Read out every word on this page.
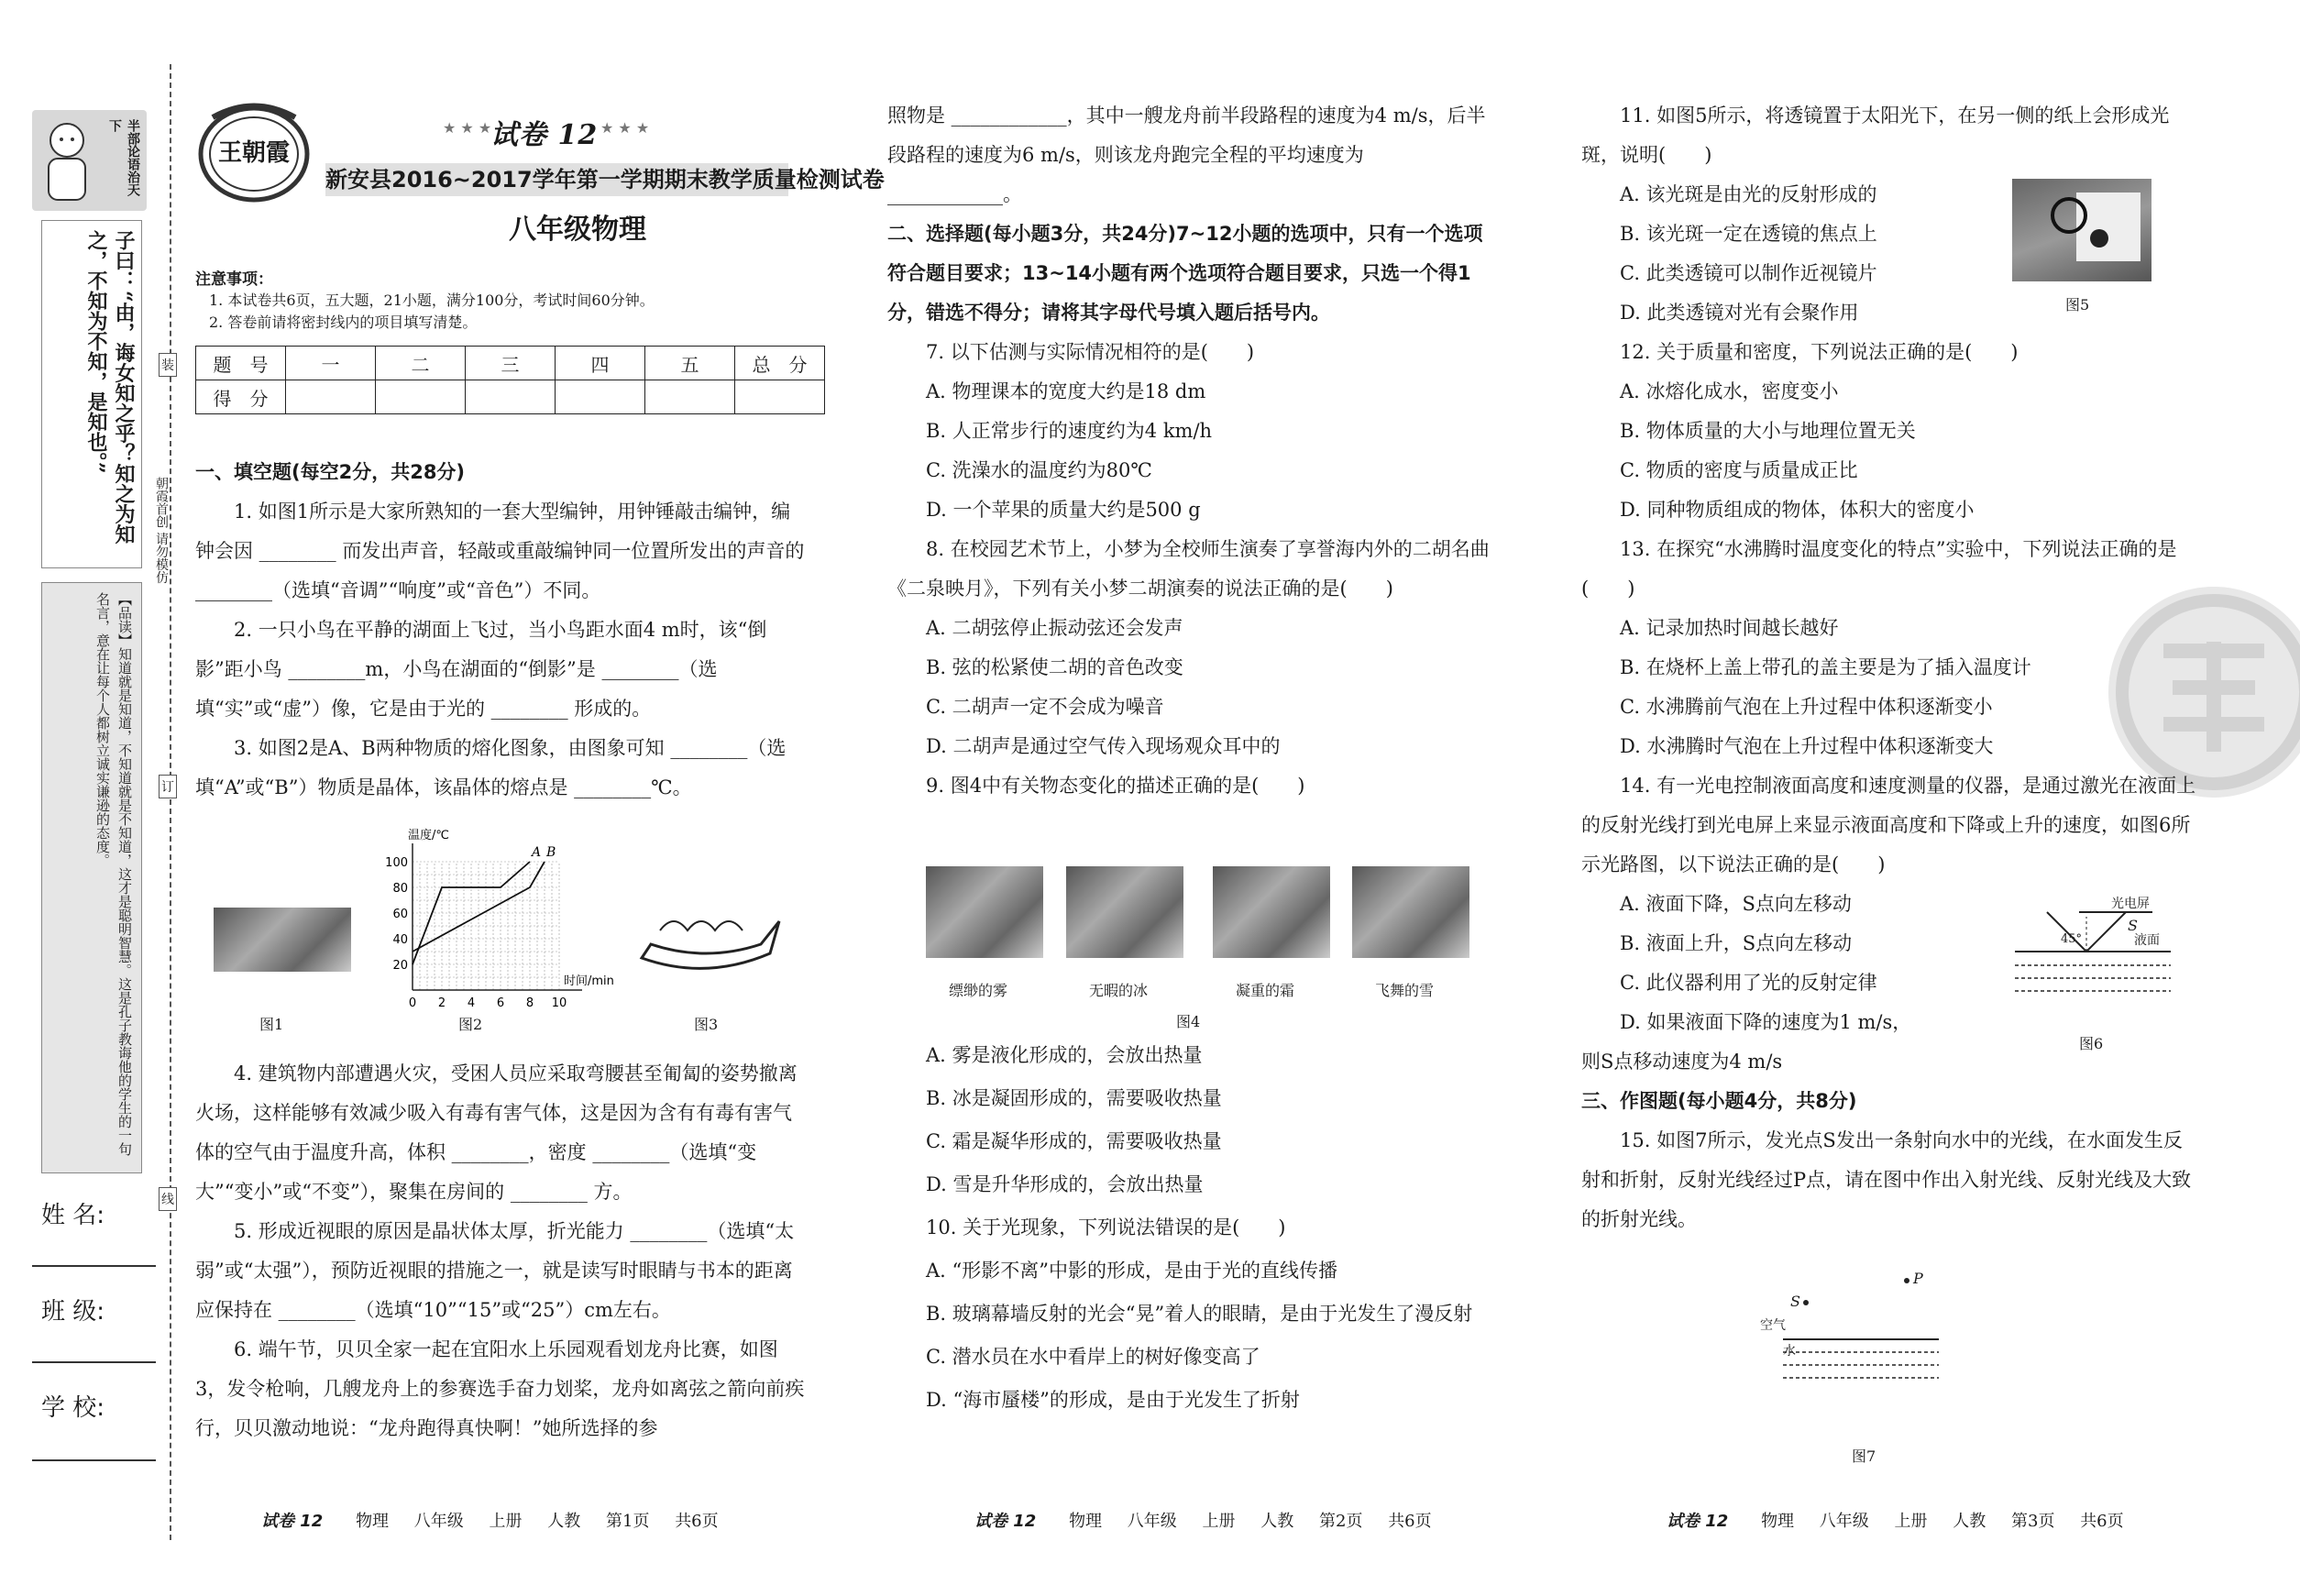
半部论语治天下
子曰：“由，诲女知之乎？知之为知之，不知为不知，是知也。”
【品读】知道就是知道，不知道就是不知道，这才是聪明智慧。这是孔子教诲他的学生的一句名言，意在让每个人都树立诚实谦逊的态度。
朝霞首创 请勿模仿
装
订
线
姓 名:
班 级:
学 校:
王朝霞
试卷 12
★ ★ ★	★ ★ ★
新安县2016~2017学年第一学期期末教学质量检测试卷
八年级物理
注意事项：
1. 本试卷共6页，五大题，21小题，满分100分，考试时间60分钟。
2. 答卷前请将密封线内的项目填写清楚。
题　号	一	二	三	四	五	总　分
得　分						
一、填空题(每空2分，共28分)
1. 如图1所示是大家所熟知的一套大型编钟，用钟锤敲击编钟，编钟会因 ________ 而发出声音，轻敲或重敲编钟同一位置所发出的声音的 ________（选填“音调”“响度”或“音色”）不同。
2. 一只小鸟在平静的湖面上飞过，当小鸟距水面4 m时，该“倒影”距小鸟 ________m，小鸟在湖面的“倒影”是 ________（选填“实”或“虚”）像，它是由于光的 ________ 形成的。
3. 如图2是A、B两种物质的熔化图象，由图象可知 ________（选填“A”或“B”）物质是晶体，该晶体的熔点是 ________℃。
图1
0 2 4 6 8 10
20
40
60
80
100
温度/℃
时间/min
A B
图2	图3
4. 建筑物内部遭遇火灾，受困人员应采取弯腰甚至匍匐的姿势撤离火场，这样能够有效减少吸入有毒有害气体，这是因为含有有毒有害气体的空气由于温度升高，体积 ________，密度 ________（选填“变大”“变小”或“不变”），聚集在房间的 ________ 方。
5. 形成近视眼的原因是晶状体太厚，折光能力 ________（选填“太弱”或“太强”），预防近视眼的措施之一，就是读写时眼睛与书本的距离应保持在 ________（选填“10”“15”或“25”）cm左右。
6. 端午节，贝贝全家一起在宜阳水上乐园观看划龙舟比赛，如图3，发令枪响，几艘龙舟上的参赛选手奋力划桨，龙舟如离弦之箭向前疾行，贝贝激动地说：“龙舟跑得真快啊！”她所选择的参
试卷 12 物理 八年级 上册 人教 第1页 共6页
照物是 ____________，其中一艘龙舟前半段路程的速度为4 m/s，后半段路程的速度为6 m/s，则该龙舟跑完全程的平均速度为 ____________。
二、选择题(每小题3分，共24分)7~12小题的选项中，只有一个选项符合题目要求；13~14小题有两个选项符合题目要求，只选一个得1分，错选不得分；请将其字母代号填入题后括号内。
7. 以下估测与实际情况相符的是(　　)
A. 物理课本的宽度大约是18 dm
B. 人正常步行的速度约为4 km/h
C. 洗澡水的温度约为80℃
D. 一个苹果的质量大约是500 g
8. 在校园艺术节上，小梦为全校师生演奏了享誉海内外的二胡名曲《二泉映月》，下列有关小梦二胡演奏的说法正确的是(　　)
A. 二胡弦停止振动弦还会发声
B. 弦的松紧使二胡的音色改变
C. 二胡声一定不会成为噪音
D. 二胡声是通过空气传入现场观众耳中的
9. 图4中有关物态变化的描述正确的是(　　)
缥缈的雾	无暇的冰	凝重的霜	飞舞的雪
图4
A. 雾是液化形成的，会放出热量
B. 冰是凝固形成的，需要吸收热量
C. 霜是凝华形成的，需要吸收热量
D. 雪是升华形成的，会放出热量
10. 关于光现象，下列说法错误的是(　　)
A. “形影不离”中影的形成，是由于光的直线传播
B. 玻璃幕墙反射的光会“晃”着人的眼睛，是由于光发生了漫反射
C. 潜水员在水中看岸上的树好像变高了
D. “海市蜃楼”的形成，是由于光发生了折射
试卷 12 物理 八年级 上册 人教 第2页 共6页
11. 如图5所示，将透镜置于太阳光下，在另一侧的纸上会形成光斑，说明(　　)
A. 该光斑是由光的反射形成的
B. 该光斑一定在透镜的焦点上
C. 此类透镜可以制作近视镜片
D. 此类透镜对光有会聚作用
12. 关于质量和密度，下列说法正确的是(　　)
A. 冰熔化成水，密度变小
B. 物体质量的大小与地理位置无关
C. 物质的密度与质量成正比
D. 同种物质组成的物体，体积大的密度小
13. 在探究“水沸腾时温度变化的特点”实验中，下列说法正确的是(　　)
A. 记录加热时间越长越好
B. 在烧杯上盖上带孔的盖主要是为了插入温度计
C. 水沸腾前气泡在上升过程中体积逐渐变小
D. 水沸腾时气泡在上升过程中体积逐渐变大
14. 有一光电控制液面高度和速度测量的仪器，是通过激光在液面上的反射光线打到光电屏上来显示液面高度和下降或上升的速度，如图6所示光路图，以下说法正确的是(　　)
A. 液面下降，S点向左移动
B. 液面上升，S点向左移动
C. 此仪器利用了光的反射定律
D. 如果液面下降的速度为1 m/s，
则S点移动速度为4 m/s
三、作图题(每小题4分，共8分)
15. 如图7所示，发光点S发出一条射向水中的光线，在水面发生反射和折射，反射光线经过P点，请在图中作出入射光线、反射光线及大致的折射光线。
图5
光电屏
S
45°	液面
图6
P
S
空气
水
图7
试卷 12 物理 八年级 上册 人教 第3页 共6页
